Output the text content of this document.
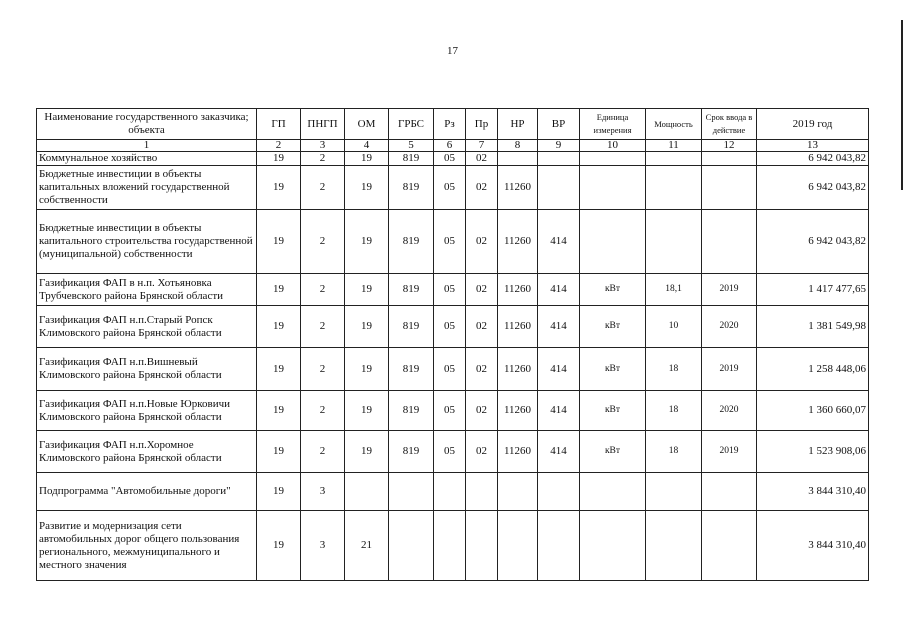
17
Наименование государственного заказчика; объекта	ГП	ПНГП	ОМ	ГРБС	Рз	Пр	НР	ВР	Единица измерения	Мощность	Срок ввода в действие	2019 год
1	2	3	4	5	6	7	8	9	10	11	12	13
Коммунальное хозяйство	19	2	19	819	05	02						6 942 043,82
Бюджетные инвестиции в объекты капитальных вложений государственной собственности	19	2	19	819	05	02	11260					6 942 043,82
Бюджетные инвестиции в объекты капитального строительства государственной (муниципальной) собственности	19	2	19	819	05	02	11260	414				6 942 043,82
Газификация ФАП в н.п. Хотьяновка Трубчевского района Брянской области	19	2	19	819	05	02	11260	414	кВт	18,1	2019	1 417 477,65
Газификация ФАП н.п.Старый Ропск Климовского района Брянской области	19	2	19	819	05	02	11260	414	кВт	10	2020	1 381 549,98
Газификация ФАП н.п.Вишневый Климовского района Брянской области	19	2	19	819	05	02	11260	414	кВт	18	2019	1 258 448,06
Газификация ФАП н.п.Новые Юрковичи Климовского района Брянской области	19	2	19	819	05	02	11260	414	кВт	18	2020	1 360 660,07
Газификация ФАП н.п.Хоромное Климовского района Брянской области	19	2	19	819	05	02	11260	414	кВт	18	2019	1 523 908,06
Подпрограмма "Автомобильные дороги"	19	3										3 844 310,40
Развитие и модернизация сети автомобильных дорог общего пользования регионального, межмуниципального и местного значения	19	3	21									3 844 310,40
